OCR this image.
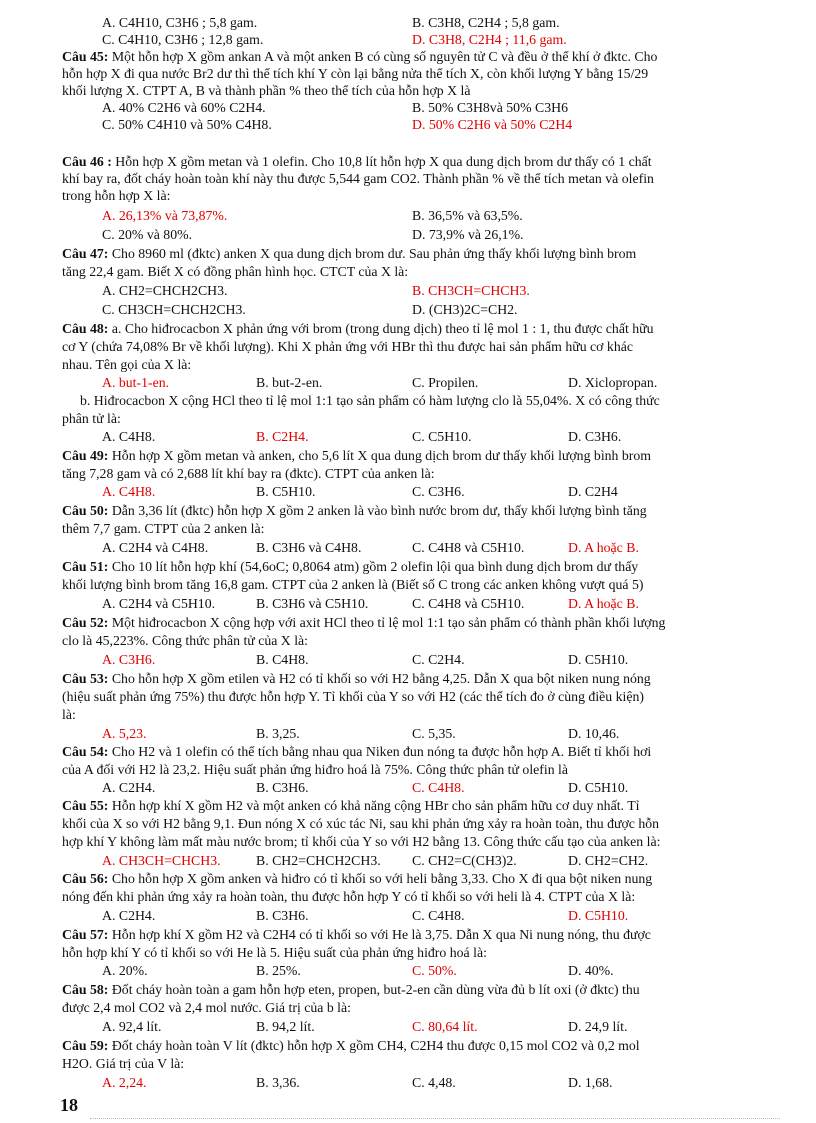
A. C4H10, C3H6 ; 5,8 gam.	B. C3H8, C2H4 ; 5,8 gam.
C. C4H10, C3H6 ; 12,8 gam.	D. C3H8, C2H4 ; 11,6 gam.
Câu 45: Một hỗn hợp X gồm ankan A và một anken B có cùng số nguyên tử C và đều ở thể khí ở đktc. Cho
hỗn hợp X đi qua nước Br2 dư thì thể tích khí Y còn lại bằng nửa thể tích X, còn khối lượng Y bằng 15/29
khối lượng X. CTPT A, B và thành phần % theo thể tích của hỗn hợp X là
A. 40% C2H6 và 60% C2H4.	B. 50% C3H8và 50% C3H6
C. 50% C4H10 và 50% C4H8.	D. 50% C2H6 và 50% C2H4
Câu 46 : Hỗn hợp X gồm metan và 1 olefin. Cho 10,8 lít hỗn hợp X qua dung dịch brom dư thấy có 1 chất
khí bay ra, đốt cháy hoàn toàn khí này thu được 5,544 gam CO2. Thành phần % về thể tích metan và olefin
trong hỗn hợp X là:
A. 26,13% và 73,87%.	B. 36,5% và 63,5%.
C. 20% và 80%.	D. 73,9% và 26,1%.
Câu 47: Cho 8960 ml (đktc) anken X qua dung dịch brom dư. Sau phản ứng thấy khối lượng bình brom
tăng 22,4 gam. Biết X có đồng phân hình học. CTCT của X là:
A. CH2=CHCH2CH3.	B. CH3CH=CHCH3.
C. CH3CH=CHCH2CH3.	D. (CH3)2C=CH2.
Câu 48: a. Cho hiđrocacbon X phản ứng với brom (trong dung dịch) theo tỉ lệ mol 1 : 1, thu được chất hữu
cơ Y (chứa 74,08% Br về khối lượng). Khi X phản ứng với HBr thì thu được hai sản phẩm hữu cơ khác
nhau. Tên gọi của X là:
A. but-1-en.	B. but-2-en.	C. Propilen.	D. Xiclopropan.
b. Hiđrocacbon X cộng HCl theo tỉ lệ mol 1:1 tạo sản phẩm có hàm lượng clo là 55,04%. X có công thức
phân tử là:
A. C4H8.	B. C2H4.	C. C5H10.	D. C3H6.
Câu 49: Hỗn hợp X gồm metan và anken, cho 5,6 lít X qua dung dịch brom dư thấy khối lượng bình brom
tăng 7,28 gam và có 2,688 lít khí bay ra (đktc). CTPT của anken là:
A. C4H8.	B. C5H10.	C. C3H6.	D. C2H4
Câu 50: Dẫn 3,36 lít (đktc) hỗn hợp X gồm 2 anken là vào bình nước brom dư, thấy khối lượng bình tăng
thêm 7,7 gam. CTPT của 2 anken là:
A. C2H4 và C4H8.	B. C3H6 và C4H8.	C. C4H8 và C5H10.	D. A hoặc B.
Câu 51: Cho 10 lít hỗn hợp khí (54,6oC; 0,8064 atm) gồm 2 olefin lội qua bình dung dịch brom dư thấy
khối lượng bình brom tăng 16,8 gam. CTPT của 2 anken là (Biết số C trong các anken không vượt quá 5)
A. C2H4 và C5H10.	B. C3H6 và C5H10.	C. C4H8 và C5H10.	D. A hoặc B.
Câu 52: Một hiđrocacbon X cộng hợp với axit HCl theo tỉ lệ mol 1:1 tạo sản phẩm có thành phần khối lượng
clo là 45,223%. Công thức phân tử của X là:
A. C3H6.	B. C4H8.	C. C2H4.	D. C5H10.
Câu 53: Cho hỗn hợp X gồm etilen và H2 có tỉ khối so với H2 bằng 4,25. Dẫn X qua bột niken nung nóng
(hiệu suất phản ứng 75%) thu được hỗn hợp Y. Tỉ khối của Y so với H2 (các thể tích đo ở cùng điều kiện)
là:
A. 5,23.	B. 3,25.	C. 5,35.	D. 10,46.
Câu 54: Cho H2 và 1 olefin có thể tích bằng nhau qua Niken đun nóng ta được hỗn hợp A. Biết tỉ khối hơi
của A đối với H2 là 23,2. Hiệu suất phản ứng hiđro hoá là 75%. Công thức phân tử olefin là
A. C2H4.	B. C3H6.	C. C4H8.	D. C5H10.
Câu 55: Hỗn hợp khí X gồm H2 và một anken có khả năng cộng HBr cho sản phẩm hữu cơ duy nhất. Tỉ
khối của X so với H2 bằng 9,1. Đun nóng X có xúc tác Ni, sau khi phản ứng xảy ra hoàn toàn, thu được hỗn
hợp khí Y không làm mất màu nước brom; tỉ khối của Y so với H2 bằng 13. Công thức cấu tạo của anken là:
A. CH3CH=CHCH3.	B. CH2=CHCH2CH3. C. CH2=C(CH3)2.	D. CH2=CH2.
Câu 56: Cho hỗn hợp X gồm anken và hiđro có tỉ khối so với heli bằng 3,33. Cho X đi qua bột niken nung
nóng đến khi phản ứng xảy ra hoàn toàn, thu được hỗn hợp Y có tỉ khối so với heli là 4. CTPT của X là:
A. C2H4.	B. C3H6.	C. C4H8.	D. C5H10.
Câu 57: Hỗn hợp khí X gồm H2 và C2H4 có tỉ khối so với He là 3,75. Dẫn X qua Ni nung nóng, thu được
hỗn hợp khí Y có tỉ khối so với He là 5. Hiệu suất của phản ứng hiđro hoá là:
A. 20%.	B. 25%.	C. 50%.	D. 40%.
Câu 58: Đốt cháy hoàn toàn a gam hỗn hợp eten, propen, but-2-en cần dùng vừa đủ b lít oxi (ở đktc) thu
được 2,4 mol CO2 và 2,4 mol nước. Giá trị của b là:
A. 92,4 lít.	B. 94,2 lít.	C. 80,64 lít.	D. 24,9 lít.
Câu 59: Đốt cháy hoàn toàn V lít (đktc) hỗn hợp X gồm CH4, C2H4 thu được 0,15 mol CO2 và 0,2 mol
H2O. Giá trị của V là:
A. 2,24.	B. 3,36.	C. 4,48.	D. 1,68.
18
